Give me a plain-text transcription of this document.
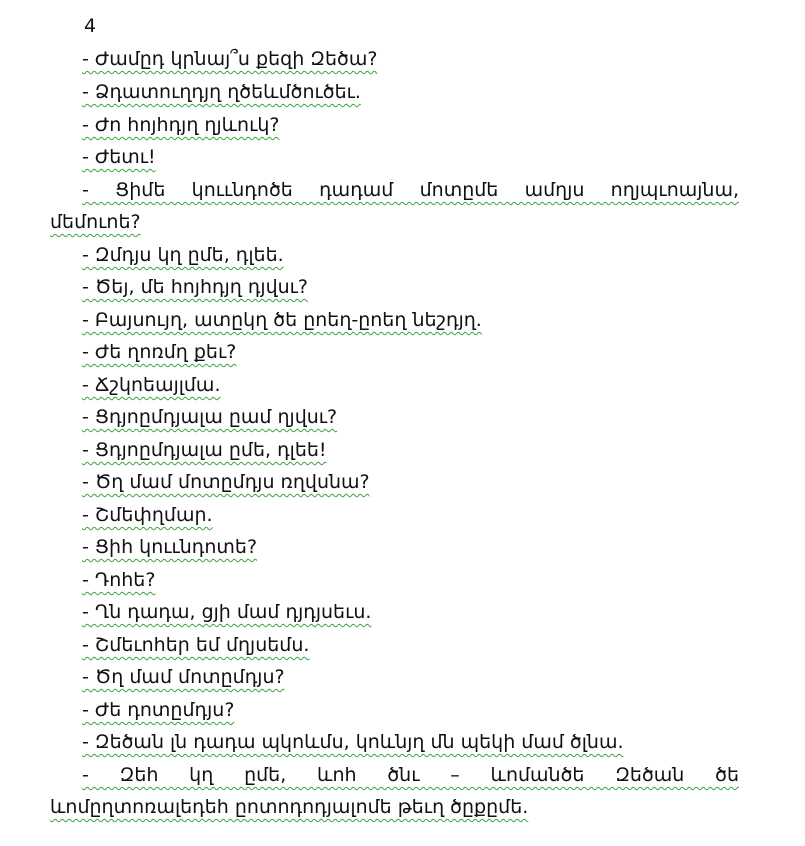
4
- Ժամըդ կրնայ՞ս քեզի Զեծա?
- Ձդատուղդյղ ղծեևմծուծեւ.
- Ժո հոյհդյղ ղյևուկ?
- Ժետւ!
- Ցիմե կոււնդոծե դադամ մոտըմե ամղյս ողյպւոայնա,
մեմուոե?
- Զմդյս կղ ըմե, դլեե.
- Ծեյ, մե հոյհդյղ դյվսւ?
- Բայսույղ, ատըկղ ծե ըոեղ-ըոեղ նեշդյղ.
- Ժե ղոռմղ քեւ?
- Ճշկոեայլմա.
- Ցդյոըմդյալա ըամ ղյվսւ?
- Ցդյոըմդյալա ըմե, դլեե!
- Ծղ մամ մոտըմդյս ռղվսնա?
- Շմեփղմար.
- Ցիհ կոււնդոտե?
- Դոհե?
- Ղն դադա, ցյի մամ դյդյսեւս.
- Շմեւոհեր եմ մղյսեմս.
- Ծղ մամ մոտըմդյս?
- Ժե դոտըմդյս?
- Զեծան լն դադա պկոևմս, կոևնյղ մն պեկի մամ ծլնա.
- Զեհ կղ ըմե, ևոհ ծնւ – ևոմանծե Զեծան ծե
ևոմըղտոռալեդեհ ըոտոդոդյալոմե թեւղ ծըքըմե.
